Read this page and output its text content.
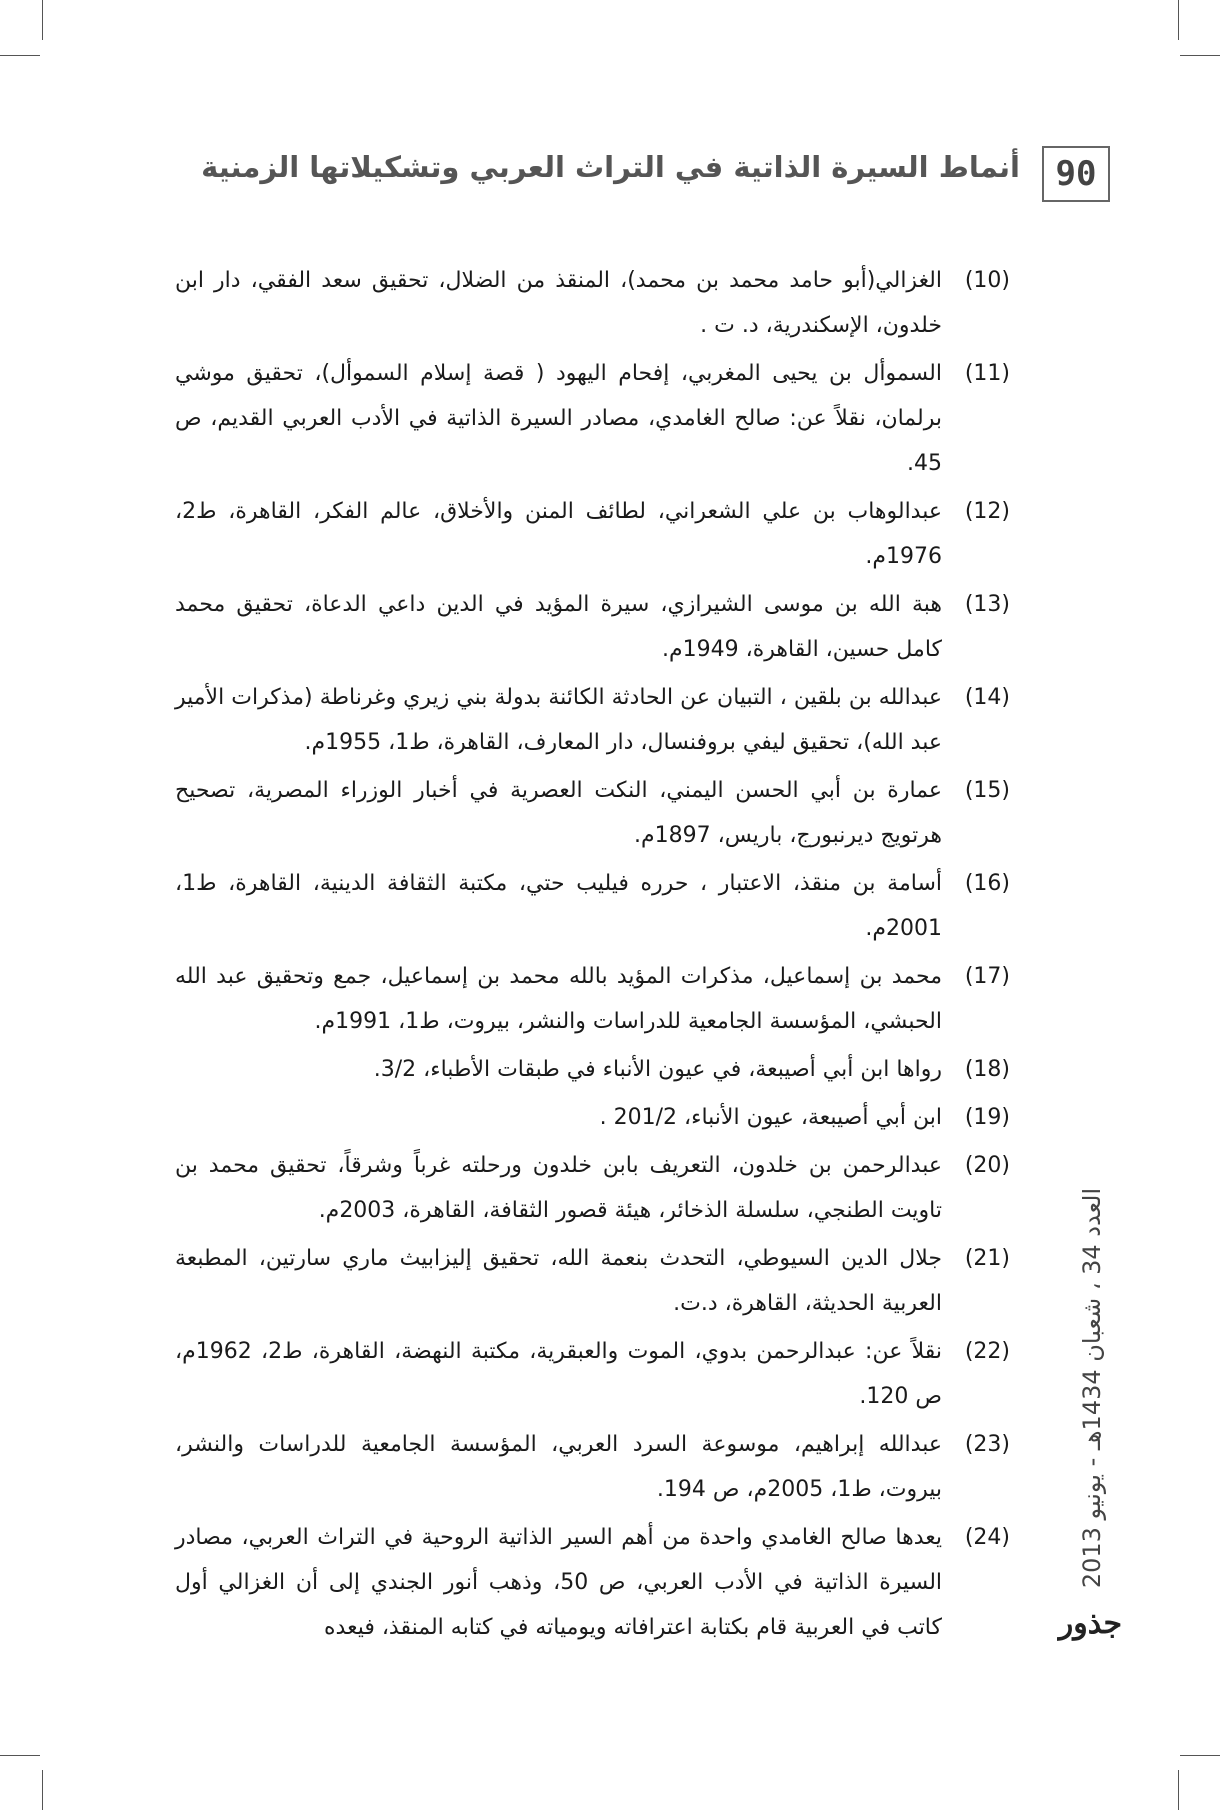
90
أنماط السيرة الذاتية في التراث العربي وتشكيلاتها الزمنية
(10)
الغزالي(أبو حامد محمد بن محمد)، المنقذ من الضلال، تحقيق سعد الفقي، دار ابن خلدون، الإسكندرية، د. ت .
(11)
السموأل بن يحيى المغربي، إفحام اليهود ( قصة إسلام السموأل)، تحقيق موشي برلمان، نقلاً عن: صالح الغامدي، مصادر السيرة الذاتية في الأدب العربي القديم، ص 45.
(12)
عبدالوهاب بن علي الشعراني، لطائف المنن والأخلاق، عالم الفكر، القاهرة، ط2، 1976م.
(13)
هبة الله بن موسى الشيرازي، سيرة المؤيد في الدين داعي الدعاة، تحقيق محمد كامل حسين، القاهرة، 1949م.
(14)
عبدالله بن بلقين ، التبيان عن الحادثة الكائنة بدولة بني زيري وغرناطة (مذكرات الأمير عبد الله)، تحقيق ليفي بروفنسال، دار المعارف، القاهرة، ط1، 1955م.
(15)
عمارة بن أبي الحسن اليمني، النكت العصرية في أخبار الوزراء المصرية، تصحيح هرتويج ديرنبورج، باريس، 1897م.
(16)
أسامة بن منقذ، الاعتبار ، حرره فيليب حتي، مكتبة الثقافة الدينية، القاهرة، ط1، 2001م.
(17)
محمد بن إسماعيل، مذكرات المؤيد بالله محمد بن إسماعيل، جمع وتحقيق عبد الله الحبشي، المؤسسة الجامعية للدراسات والنشر، بيروت، ط1، 1991م.
(18)
رواها ابن أبي أصيبعة، في عيون الأنباء في طبقات الأطباء، 3/2.
(19)
ابن أبي أصيبعة، عيون الأنباء، 201/2 .
(20)
عبدالرحمن بن خلدون، التعريف بابن خلدون ورحلته غرباً وشرقاً، تحقيق محمد بن تاويت الطنجي، سلسلة الذخائر، هيئة قصور الثقافة، القاهرة، 2003م.
(21)
جلال الدين السيوطي، التحدث بنعمة الله، تحقيق إليزابيث ماري سارتين، المطبعة العربية الحديثة، القاهرة، د.ت.
(22)
نقلاً عن: عبدالرحمن بدوي، الموت والعبقرية، مكتبة النهضة، القاهرة، ط2، 1962م، ص 120.
(23)
عبدالله إبراهيم، موسوعة السرد العربي، المؤسسة الجامعية للدراسات والنشر، بيروت، ط1، 2005م، ص 194.
(24)
يعدها صالح الغامدي واحدة من أهم السير الذاتية الروحية في التراث العربي، مصادر السيرة الذاتية في الأدب العربي، ص 50، وذهب أنور الجندي إلى أن الغزالي أول كاتب في العربية قام بكتابة اعترافاته ويومياته في كتابه المنقذ، فيعده
العدد 34 ، شعبان 1434هـ - يونيو 2013
جذور
